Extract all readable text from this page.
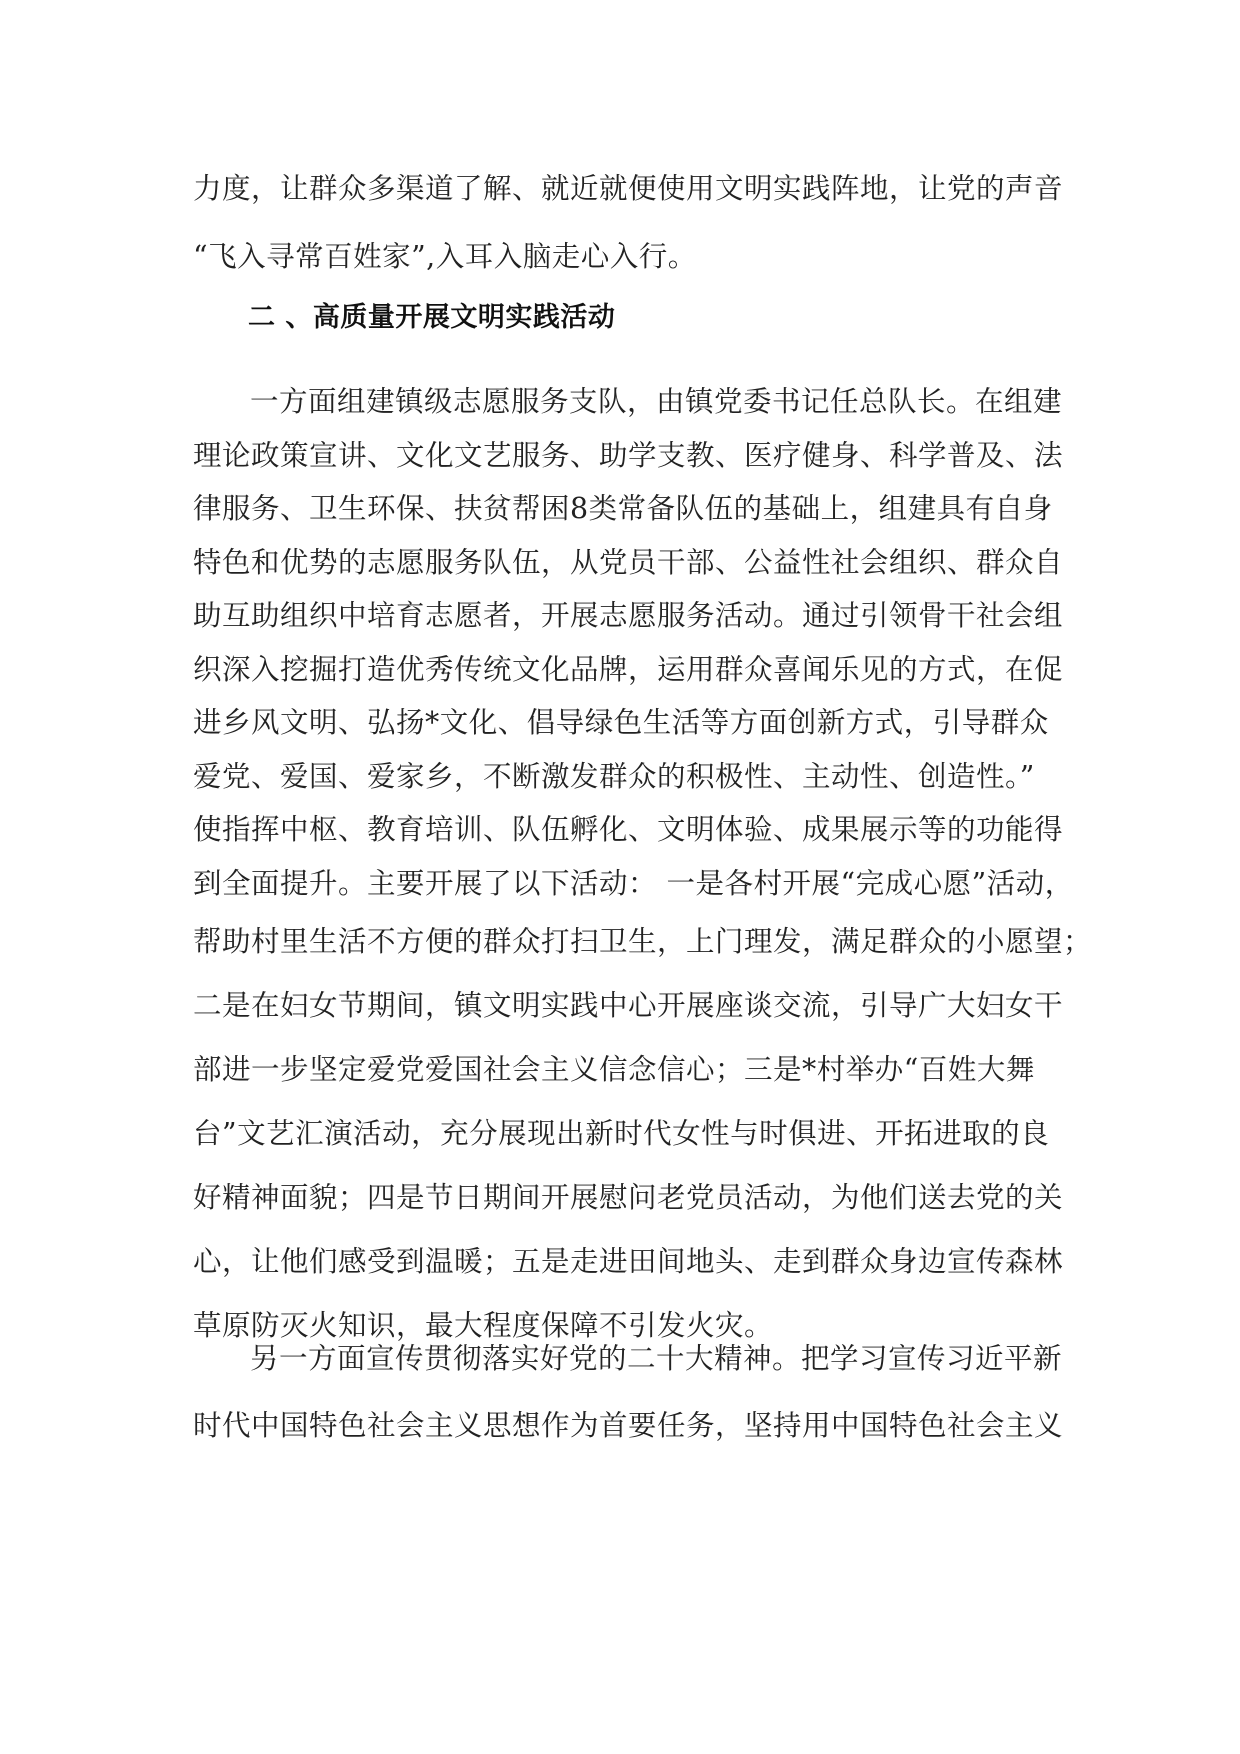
力度，让群众多渠道了解、就近就便使用文明实践阵地，让党的声音
“飞入寻常百姓家”,入耳入脑走心入行。
二 、高质量开展文明实践活动
一方面组建镇级志愿服务支队，由镇党委书记任总队长。在组建
理论政策宣讲、文化文艺服务、助学支教、医疗健身、科学普及、法
律服务、卫生环保、扶贫帮困8类常备队伍的基础上，组建具有自身
特色和优势的志愿服务队伍，从党员干部、公益性社会组织、群众自
助互助组织中培育志愿者，开展志愿服务活动。通过引领骨干社会组
织深入挖掘打造优秀传统文化品牌，运用群众喜闻乐见的方式，在促
进乡风文明、弘扬*文化、倡导绿色生活等方面创新方式，引导群众
爱党、爱国、爱家乡，不断激发群众的积极性、主动性、创造性。”
使指挥中枢、教育培训、队伍孵化、文明体验、成果展示等的功能得
到全面提升。主要开展了以下活动： 一是各村开展“完成心愿”活动，
帮助村里生活不方便的群众打扫卫生，上门理发，满足群众的小愿望；
二是在妇女节期间，镇文明实践中心开展座谈交流，引导广大妇女干
部进一步坚定爱党爱国社会主义信念信心；三是*村举办“百姓大舞
台”文艺汇演活动，充分展现出新时代女性与时俱进、开拓进取的良
好精神面貌；四是节日期间开展慰问老党员活动，为他们送去党的关
心，让他们感受到温暖；五是走进田间地头、走到群众身边宣传森林
草原防灭火知识，最大程度保障不引发火灾。
另一方面宣传贯彻落实好党的二十大精神。把学习宣传习近平新
时代中国特色社会主义思想作为首要任务，坚持用中国特色社会主义
